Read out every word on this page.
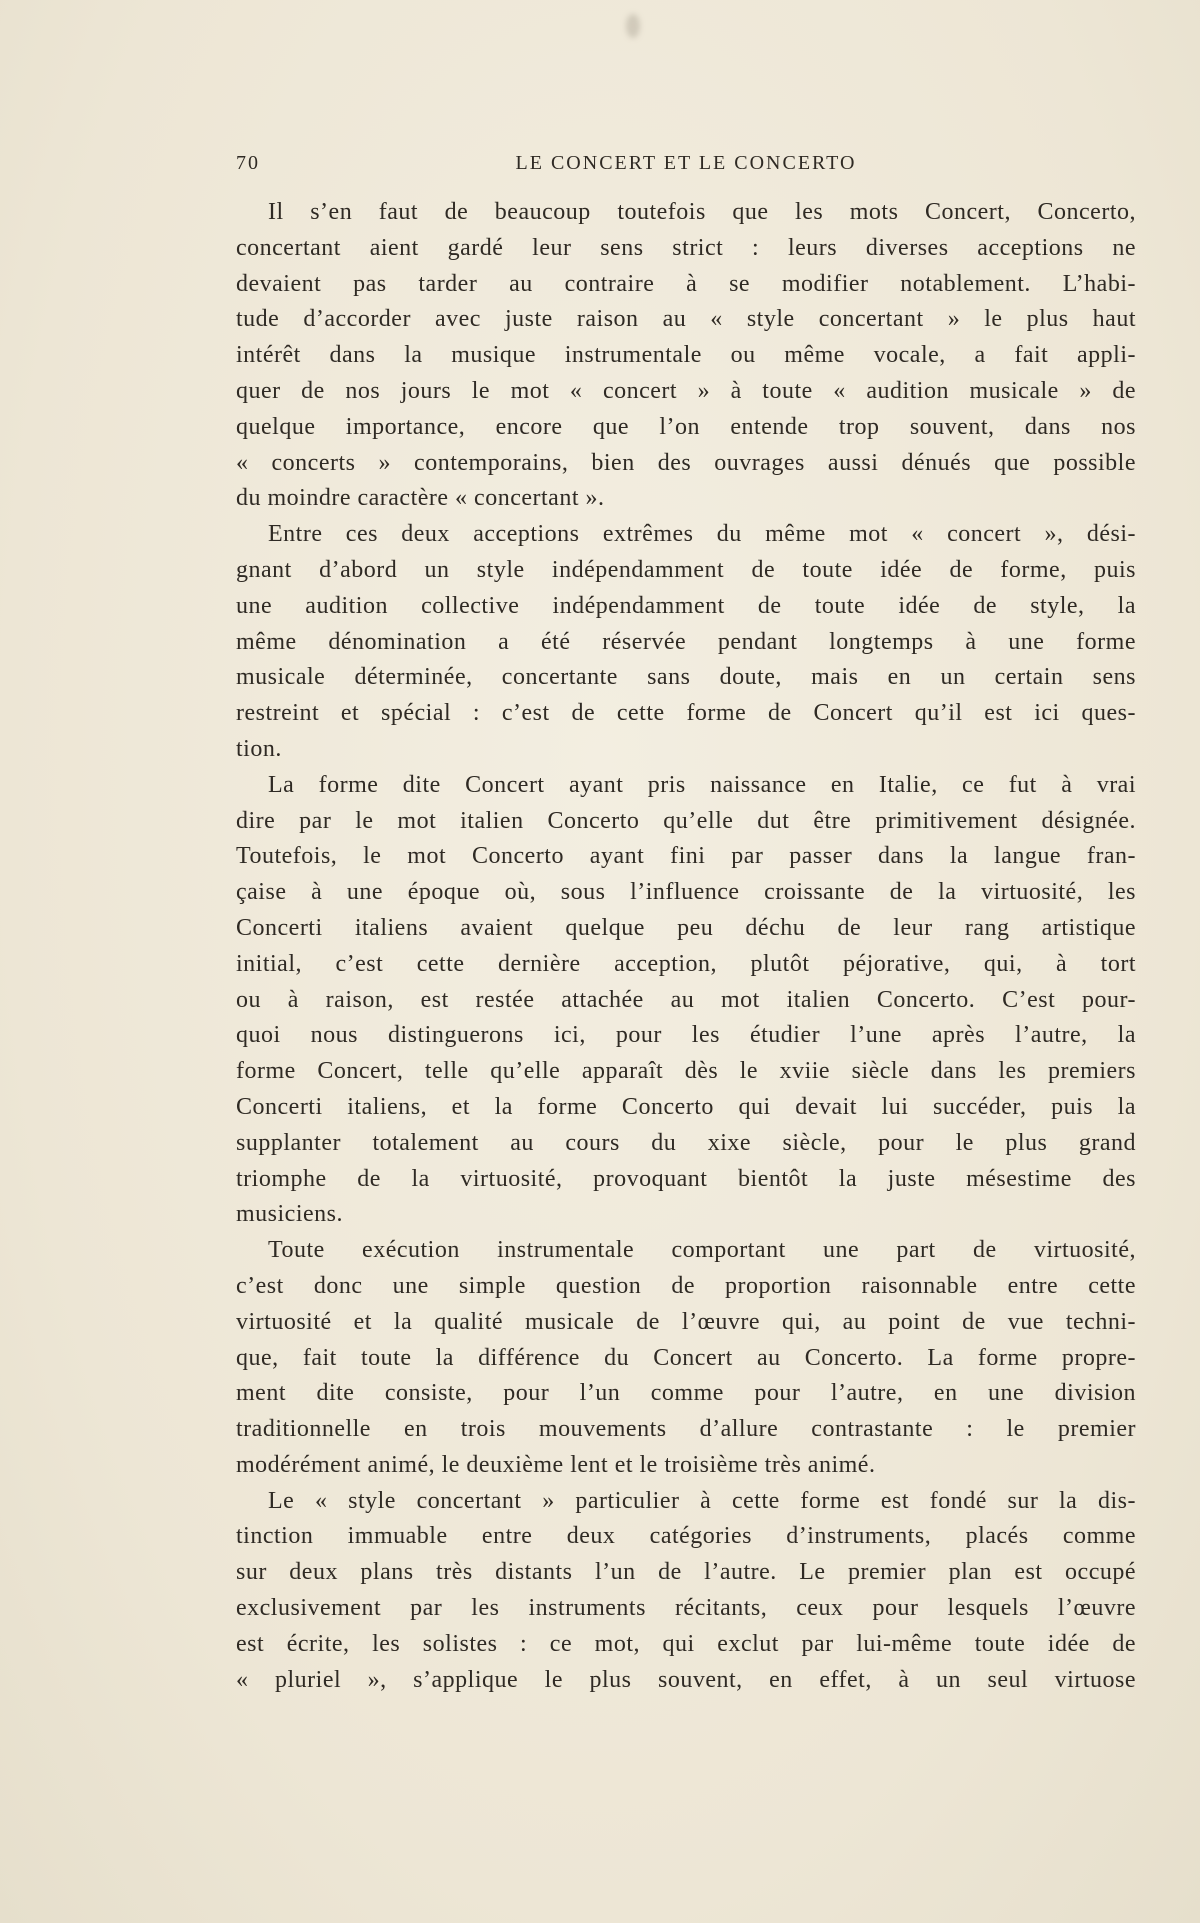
70	LE CONCERT ET LE CONCERTO

Il s’en faut de beaucoup toutefois que les mots Concert, Concerto,
concertant aient gardé leur sens strict : leurs diverses acceptions ne
devaient pas tarder au contraire à se modifier notablement. L’habi-
tude d’accorder avec juste raison au « style concertant » le plus haut
intérêt dans la musique instrumentale ou même vocale, a fait appli-
quer de nos jours le mot « concert » à toute « audition musicale » de
quelque importance, encore que l’on entende trop souvent, dans nos
« concerts » contemporains, bien des ouvrages aussi dénués que possible
du moindre caractère « concertant ».

Entre ces deux acceptions extrêmes du même mot « concert », dési-
gnant d’abord un style indépendamment de toute idée de forme, puis
une audition collective indépendamment de toute idée de style, la
même dénomination a été réservée pendant longtemps à une forme
musicale déterminée, concertante sans doute, mais en un certain sens
restreint et spécial : c’est de cette forme de Concert qu’il est ici ques-
tion.

La forme dite Concert ayant pris naissance en Italie, ce fut à vrai
dire par le mot italien Concerto qu’elle dut être primitivement désignée.
Toutefois, le mot Concerto ayant fini par passer dans la langue fran-
çaise à une époque où, sous l’influence croissante de la virtuosité, les
Concerti italiens avaient quelque peu déchu de leur rang artistique
initial, c’est cette dernière acception, plutôt péjorative, qui, à tort
ou à raison, est restée attachée au mot italien Concerto. C’est pour-
quoi nous distinguerons ici, pour les étudier l’une après l’autre, la
forme Concert, telle qu’elle apparaît dès le xviie siècle dans les premiers
Concerti italiens, et la forme Concerto qui devait lui succéder, puis la
supplanter totalement au cours du xixe siècle, pour le plus grand
triomphe de la virtuosité, provoquant bientôt la juste mésestime des
musiciens.

Toute exécution instrumentale comportant une part de virtuosité,
c’est donc une simple question de proportion raisonnable entre cette
virtuosité et la qualité musicale de l’œuvre qui, au point de vue techni-
que, fait toute la différence du Concert au Concerto. La forme propre-
ment dite consiste, pour l’un comme pour l’autre, en une division
traditionnelle en trois mouvements d’allure contrastante : le premier
modérément animé, le deuxième lent et le troisième très animé.

Le « style concertant » particulier à cette forme est fondé sur la dis-
tinction immuable entre deux catégories d’instruments, placés comme
sur deux plans très distants l’un de l’autre. Le premier plan est occupé
exclusivement par les instruments récitants, ceux pour lesquels l’œuvre
est écrite, les solistes : ce mot, qui exclut par lui-même toute idée de
« pluriel », s’applique le plus souvent, en effet, à un seul virtuose
